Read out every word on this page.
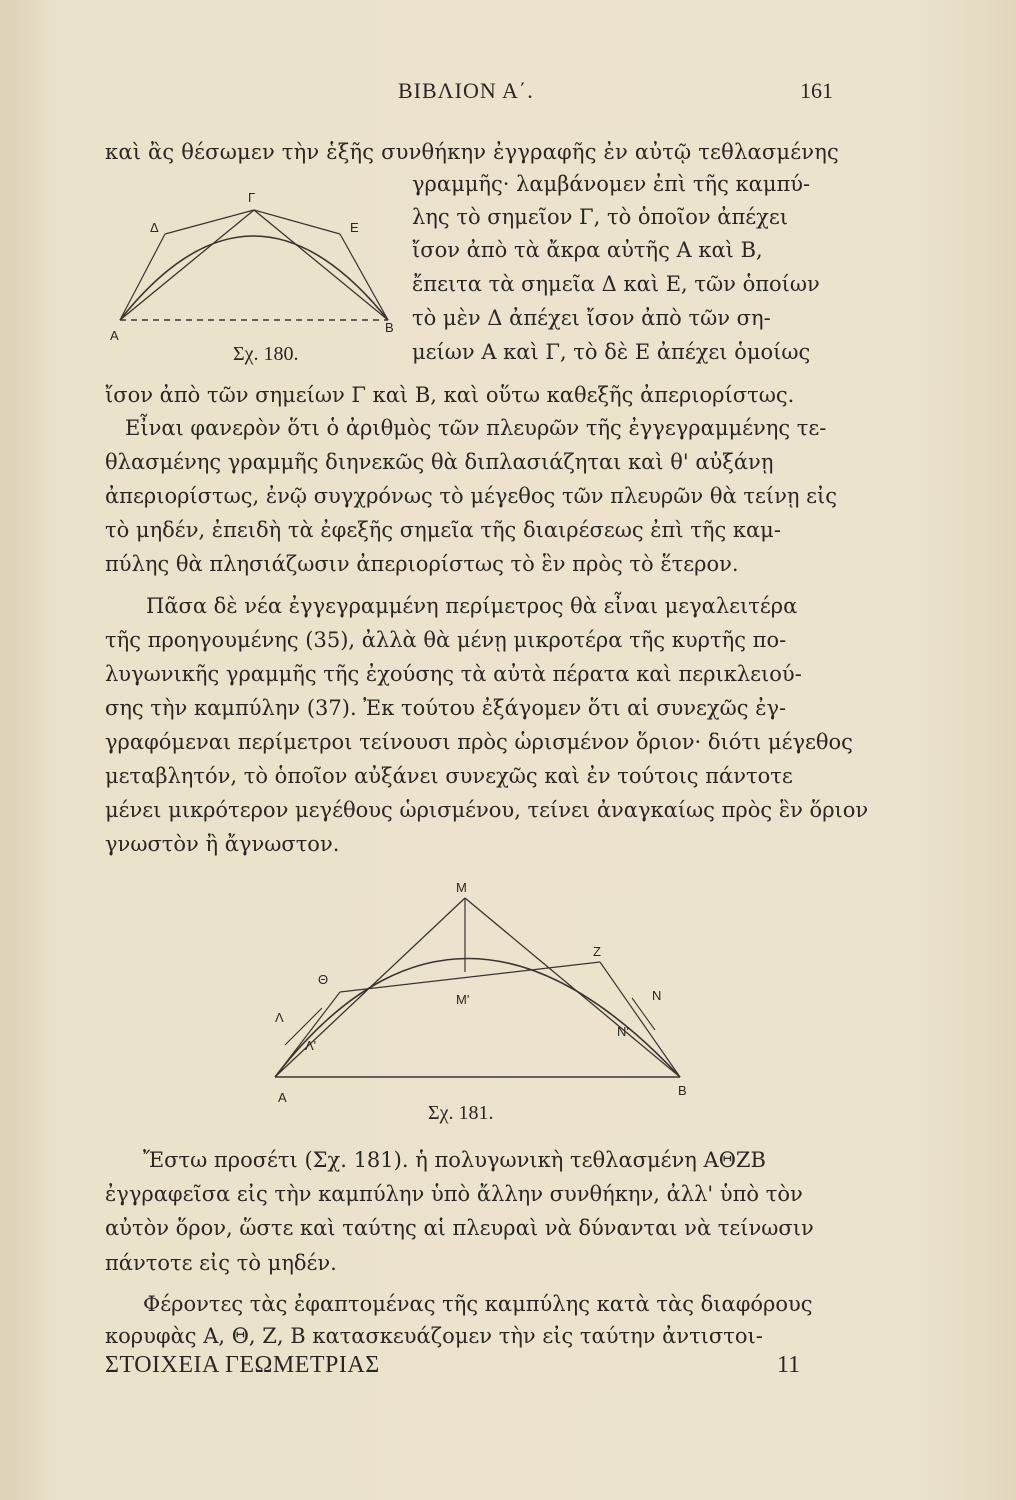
ΒΙΒΛΙΟΝ Α΄.	161
καὶ ἂς θέσωμεν τὴν ἑξῆς συνθήκην ἐγγραφῆς ἐν αὐτῷ τεθλασμένης
Γ
Δ	Ε
Α
Β
γραμμῆς· λαμβάνομεν ἐπὶ τῆς καμπύ-
λης τὸ σημεῖον Γ, τὸ ὁποῖον ἀπέχει
ἴσον ἀπὸ τὰ ἄκρα αὐτῆς Α καὶ Β,
ἔπειτα τὰ σημεῖα Δ καὶ Ε, τῶν ὁποίων
τὸ μὲν Δ ἀπέχει ἴσον ἀπὸ τῶν ση-
μείων Α καὶ Γ, τὸ δὲ Ε ἀπέχει ὁμοίως
Σχ. 180.
ἴσον ἀπὸ τῶν σημείων Γ καὶ Β, καὶ οὕτω καθεξῆς ἀπεριορίστως.
Εἶναι φανερὸν ὅτι ὁ ἀριθμὸς τῶν πλευρῶν τῆς ἐγγεγραμμένης τε-
θλασμένης γραμμῆς διηνεκῶς θὰ διπλασιάζηται καὶ θ' αὐξάνῃ
ἀπεριορίστως, ἐνῷ συγχρόνως τὸ μέγεθος τῶν πλευρῶν θὰ τείνῃ εἰς
τὸ μηδέν, ἐπειδὴ τὰ ἐφεξῆς σημεῖα τῆς διαιρέσεως ἐπὶ τῆς καμ-
πύλης θὰ πλησιάζωσιν ἀπεριορίστως τὸ ἓν πρὸς τὸ ἕτερον.
Πᾶσα δὲ νέα ἐγγεγραμμένη περίμετρος θὰ εἶναι μεγαλειτέρα
τῆς προηγουμένης (35), ἀλλὰ θὰ μένῃ μικροτέρα τῆς κυρτῆς πο-
λυγωνικῆς γραμμῆς τῆς ἐχούσης τὰ αὐτὰ πέρατα καὶ περικλειού-
σης τὴν καμπύλην (37). Ἐκ τούτου ἐξάγομεν ὅτι αἱ συνεχῶς ἐγ-
γραφόμεναι περίμετροι τείνουσι πρὸς ὡρισμένον ὅριον· διότι μέγεθος
μεταβλητόν, τὸ ὁποῖον αὐξάνει συνεχῶς καὶ ἐν τούτοις πάντοτε
μένει μικρότερον μεγέθους ὡρισμένου, τείνει ἀναγκαίως πρὸς ἓν ὅριον
γνωστὸν ἢ ἄγνωστον.
Μ
Θ
Μ'
Ζ
Ν
Ν'
Λ
Λ'
Α	Β
Σχ. 181.
Ἔστω προσέτι (Σχ. 181). ἡ πολυγωνικὴ τεθλασμένη ΑΘΖΒ
ἐγγραφεῖσα εἰς τὴν καμπύλην ὑπὸ ἄλλην συνθήκην, ἀλλ' ὑπὸ τὸν
αὐτὸν ὅρον, ὥστε καὶ ταύτης αἱ πλευραὶ νὰ δύνανται νὰ τείνωσιν
πάντοτε εἰς τὸ μηδέν.
Φέροντες τὰς ἐφαπτομένας τῆς καμπύλης κατὰ τὰς διαφόρους
κορυφὰς Α, Θ, Ζ, Β κατασκευάζομεν τὴν εἰς ταύτην ἀντιστοι-
ΣΤΟΙΧΕΙΑ ΓΕΩΜΕΤΡΙΑΣ	11
